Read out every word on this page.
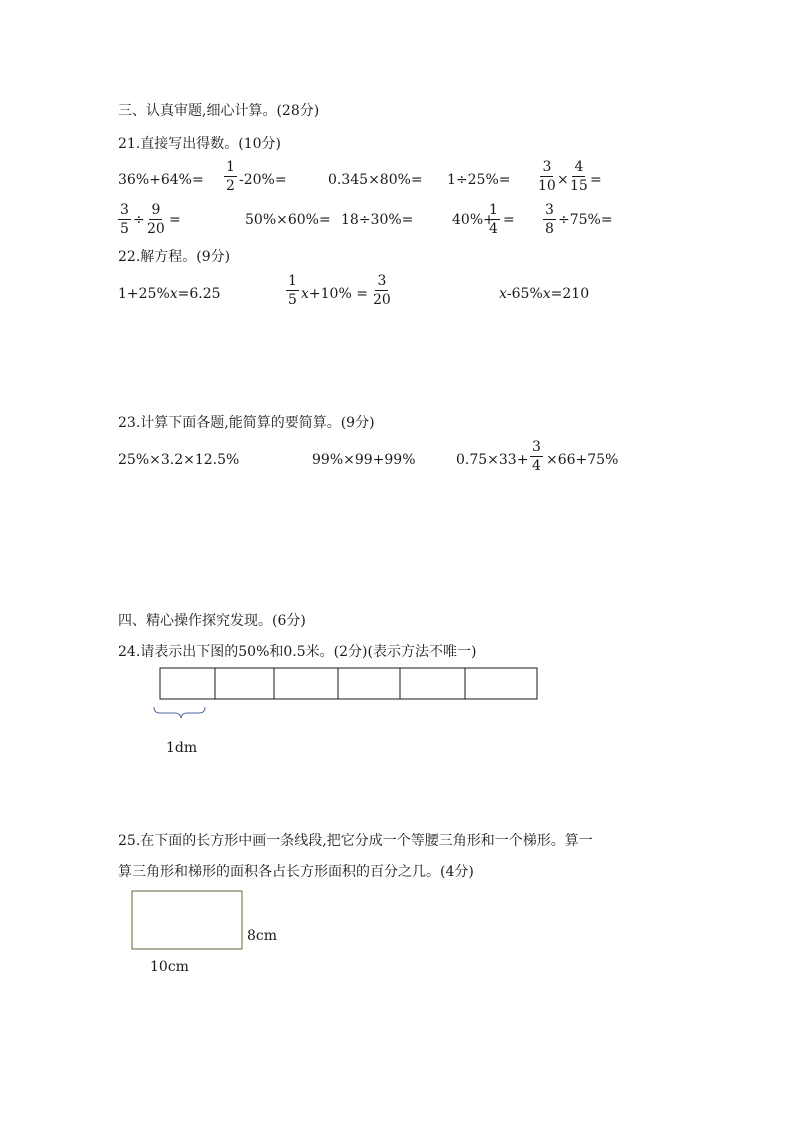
三、认真审题,细心计算。(28分)
21.直接写出得数。(10分)
$36\%+64\%= \frac{1}{2} -20\%=$	$0.345\times 80\%= 1\div 25\%= \frac{3}{10} \times \frac{4}{15}$ =
$\frac{3}{5} \div \frac{9}{20}$ =	50%×60%= 18÷30%=	40%+
$\frac{1}{4} = \frac{3}{8} \div 75\%=$
22.解方程。(9分)
1+25%x=6.25	$\frac{1}{5} x+10\% = \frac{3}{20}$	x-65%x=210
23.计算下面各题,能简算的要简算。(9分)
25%×3.2×12.5%	99%×99+99%	$0.75\times 33+ \frac{3}{4} \times 66+75\%$
四、精心操作探究发现。(6分)
24.请表示出下图的50%和0.5米。(2分)(表示方法不唯一)
1dm
25.在下面的长方形中画一条线段,把它分成一个等腰三角形和一个梯形。算一
算三角形和梯形的面积各占长方形面积的百分之几。(4分)
8cm
10cm
